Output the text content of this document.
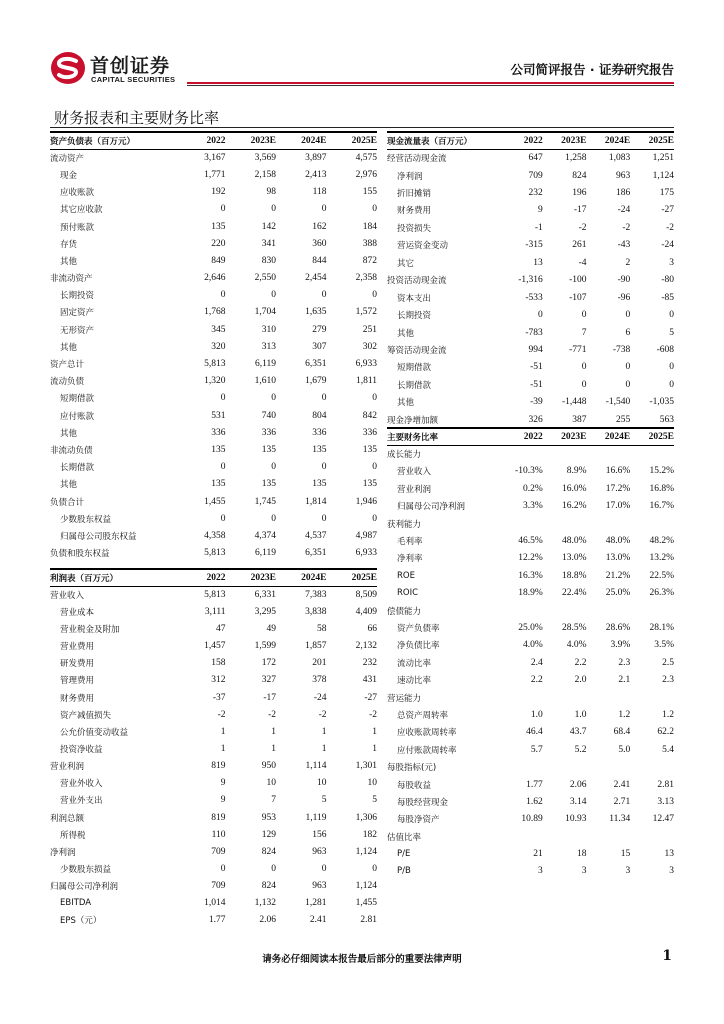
首创证券
CAPITAL SECURITIES
公司简评报告 · 证券研究报告
财务报表和主要财务比率
资产负债表（百万元）	2022	2023E	2024E	2025E
流动资产	3,167	3,569	3,897	4,575
现金	1,771	2,158	2,413	2,976
应收账款	192	98	118	155
其它应收款	0	0	0	0
预付账款	135	142	162	184
存货	220	341	360	388
其他	849	830	844	872
非流动资产	2,646	2,550	2,454	2,358
长期投资	0	0	0	0
固定资产	1,768	1,704	1,635	1,572
无形资产	345	310	279	251
其他	320	313	307	302
资产总计	5,813	6,119	6,351	6,933
流动负债	1,320	1,610	1,679	1,811
短期借款	0	0	0	0
应付账款	531	740	804	842
其他	336	336	336	336
非流动负债	135	135	135	135
长期借款	0	0	0	0
其他	135	135	135	135
负债合计	1,455	1,745	1,814	1,946
少数股东权益	0	0	0	0
归属母公司股东权益	4,358	4,374	4,537	4,987
负债和股东权益	5,813	6,119	6,351	6,933
利润表（百万元）	2022	2023E	2024E	2025E
营业收入	5,813	6,331	7,383	8,509
营业成本	3,111	3,295	3,838	4,409
营业税金及附加	47	49	58	66
营业费用	1,457	1,599	1,857	2,132
研发费用	158	172	201	232
管理费用	312	327	378	431
财务费用	-37	-17	-24	-27
资产减值损失	-2	-2	-2	-2
公允价值变动收益	1	1	1	1
投资净收益	1	1	1	1
营业利润	819	950	1,114	1,301
营业外收入	9	10	10	10
营业外支出	9	7	5	5
利润总额	819	953	1,119	1,306
所得税	110	129	156	182
净利润	709	824	963	1,124
少数股东损益	0	0	0	0
归属母公司净利润	709	824	963	1,124
EBITDA	1,014	1,132	1,281	1,455
EPS（元）	1.77	2.06	2.41	2.81
现金流量表（百万元）	2022	2023E	2024E	2025E
经营活动现金流	647	1,258	1,083	1,251
净利润	709	824	963	1,124
折旧摊销	232	196	186	175
财务费用	9	-17	-24	-27
投资损失	-1	-2	-2	-2
营运资金变动	-315	261	-43	-24
其它	13	-4	2	3
投资活动现金流	-1,316	-100	-90	-80
资本支出	-533	-107	-96	-85
长期投资	0	0	0	0
其他	-783	7	6	5
筹资活动现金流	994	-771	-738	-608
短期借款	-51	0	0	0
长期借款	-51	0	0	0
其他	-39	-1,448	-1,540	-1,035
现金净增加额	326	387	255	563
主要财务比率	2022	2023E	2024E	2025E
成长能力				
营业收入	-10.3%	8.9%	16.6%	15.2%
营业利润	0.2%	16.0%	17.2%	16.8%
归属母公司净利润	3.3%	16.2%	17.0%	16.7%
获利能力				
毛利率	46.5%	48.0%	48.0%	48.2%
净利率	12.2%	13.0%	13.0%	13.2%
ROE	16.3%	18.8%	21.2%	22.5%
ROIC	18.9%	22.4%	25.0%	26.3%
偿债能力				
资产负债率	25.0%	28.5%	28.6%	28.1%
净负债比率	4.0%	4.0%	3.9%	3.5%
流动比率	2.4	2.2	2.3	2.5
速动比率	2.2	2.0	2.1	2.3
营运能力				
总资产周转率	1.0	1.0	1.2	1.2
应收账款周转率	46.4	43.7	68.4	62.2
应付账款周转率	5.7	5.2	5.0	5.4
每股指标(元)				
每股收益	1.77	2.06	2.41	2.81
每股经营现金	1.62	3.14	2.71	3.13
每股净资产	10.89	10.93	11.34	12.47
估值比率				
P/E	21	18	15	13
P/B	3	3	3	3
请务必仔细阅读本报告最后部分的重要法律声明	1
